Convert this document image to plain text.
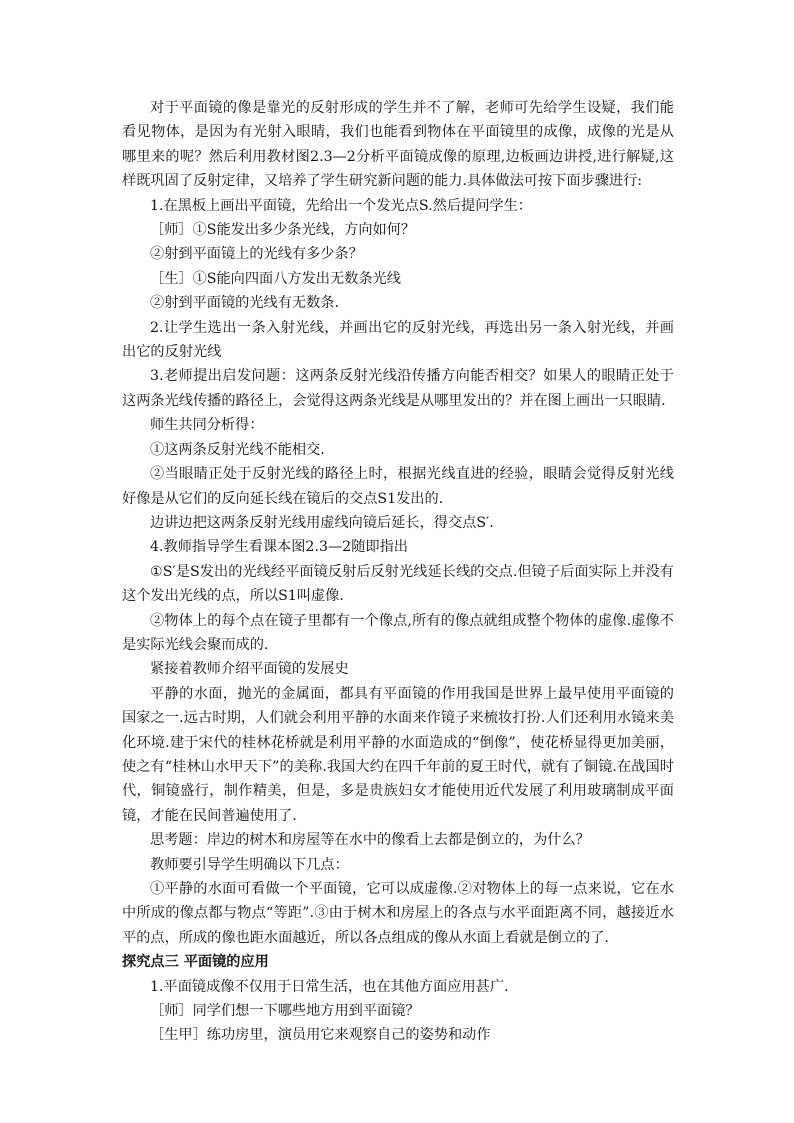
对于平面镜的像是靠光的反射形成的学生并不了解，老师可先给学生设疑，我们能看见物体，是因为有光射入眼睛，我们也能看到物体在平面镜里的成像，成像的光是从哪里来的呢？然后利用教材图2.3—2分析平面镜成像的原理,边板画边讲授,进行解疑,这样既巩固了反射定律，又培养了学生研究新问题的能力.具体做法可按下面步骤进行:

1.在黑板上画出平面镜，先给出一个发光点S.然后提问学生：

［师］①S能发出多少条光线，方向如何？

②射到平面镜上的光线有多少条？

［生］①S能向四面八方发出无数条光线

②射到平面镜的光线有无数条.

2.让学生选出一条入射光线，并画出它的反射光线，再选出另一条入射光线，并画出它的反射光线

3.老师提出启发问题：这两条反射光线沿传播方向能否相交？如果人的眼睛正处于这两条光线传播的路径上，会觉得这两条光线是从哪里发出的？并在图上画出一只眼睛.

师生共同分析得：

①这两条反射光线不能相交.

②当眼睛正处于反射光线的路径上时，根据光线直进的经验，眼睛会觉得反射光线好像是从它们的反向延长线在镜后的交点S1发出的.

边讲边把这两条反射光线用虚线向镜后延长，得交点S′.

4.教师指导学生看课本图2.3—2随即指出

①S′是S发出的光线经平面镜反射后反射光线延长线的交点.但镜子后面实际上并没有这个发出光线的点，所以S1叫虚像.

②物体上的每个点在镜子里都有一个像点,所有的像点就组成整个物体的虚像.虚像不是实际光线会聚而成的.

紧接着教师介绍平面镜的发展史

平静的水面，抛光的金属面，都具有平面镜的作用我国是世界上最早使用平面镜的国家之一.远古时期，人们就会利用平静的水面来作镜子来梳妆打扮.人们还利用水镜来美化环境.建于宋代的桂林花桥就是利用平静的水面造成的“倒像”，使花桥显得更加美丽，使之有“桂林山水甲天下”的美称.我国大约在四千年前的夏王时代，就有了铜镜.在战国时代，铜镜盛行，制作精美，但是，多是贵族妇女才能使用近代发展了利用玻璃制成平面镜，才能在民间普遍使用了.

思考题：岸边的树木和房屋等在水中的像看上去都是倒立的，为什么？

教师要引导学生明确以下几点：

①平静的水面可看做一个平面镜，它可以成虚像.②对物体上的每一点来说，它在水中所成的像点都与物点“等距”.③由于树木和房屋上的各点与水平面距离不同，越接近水平的点，所成的像也距水面越近，所以各点组成的像从水面上看就是倒立的了.

探究点三 平面镜的应用

1.平面镜成像不仅用于日常生活，也在其他方面应用甚广.

［师］同学们想一下哪些地方用到平面镜？

［生甲］练功房里，演员用它来观察自己的姿势和动作
